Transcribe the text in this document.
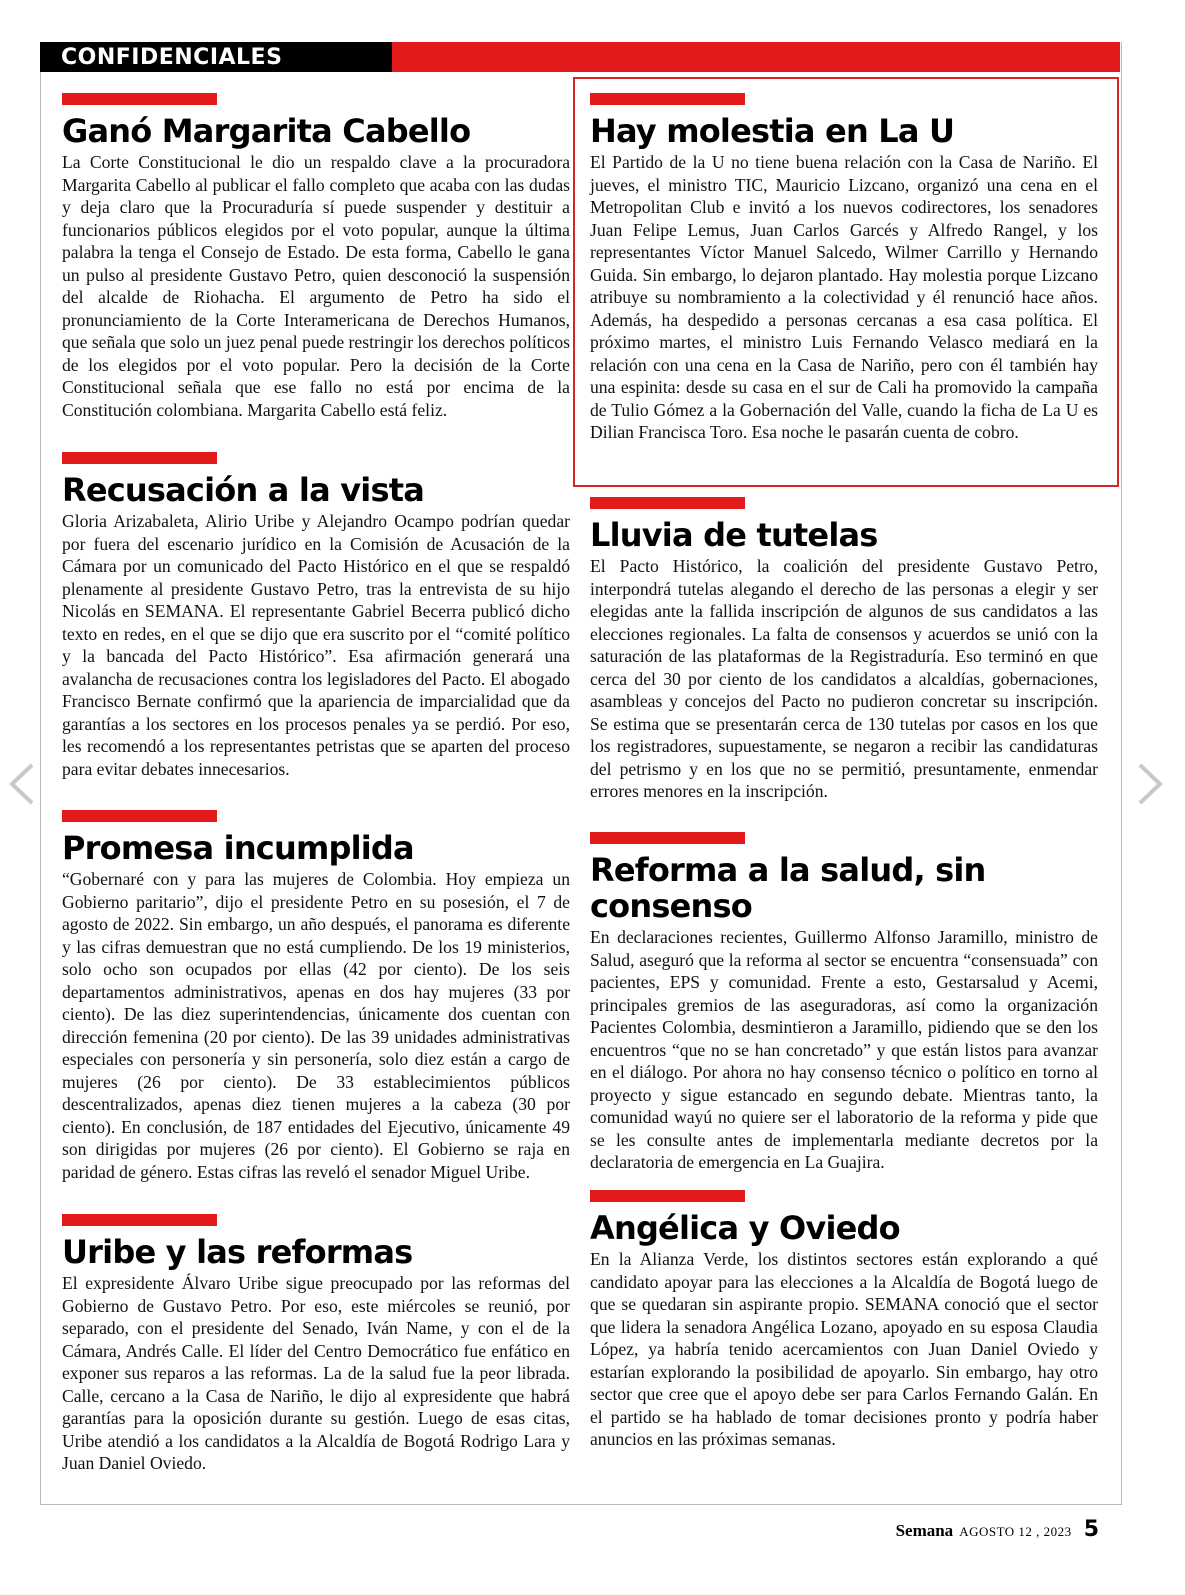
CONFIDENCIALES
Ganó Margarita Cabello

La Corte Constitucional le dio un respaldo clave a la procuradora Margarita Cabello al publicar el fallo completo que acaba con las dudas y deja claro que la Procuraduría sí puede suspender y destituir a funcionarios públicos elegidos por el voto popular, aunque la última palabra la tenga el Consejo de Estado. De esta forma, Cabello le gana un pulso al presidente Gustavo Petro, quien desconoció la suspensión del alcalde de Riohacha. El argumento de Petro ha sido el pronunciamiento de la Corte Interamericana de Derechos Humanos, que señala que solo un juez penal puede restringir los derechos políticos de los elegidos por el voto popular. Pero la decisión de la Corte Constitucional señala que ese fallo no está por encima de la Constitución colombiana. Margarita Cabello está feliz.

Recusación a la vista

Gloria Arizabaleta, Alirio Uribe y Alejandro Ocampo podrían quedar por fuera del escenario jurídico en la Comisión de Acusación de la Cámara por un comunicado del Pacto Histórico en el que se respaldó plenamente al presidente Gustavo Petro, tras la entrevista de su hijo Nicolás en SEMANA. El representante Gabriel Becerra publicó dicho texto en redes, en el que se dijo que era suscrito por el “comité político y la bancada del Pacto Histórico”. Esa afirmación generará una avalancha de recusaciones contra los legisladores del Pacto. El abogado Francisco Bernate confirmó que la apariencia de imparcialidad que da garantías a los sectores en los procesos penales ya se perdió. Por eso, les recomendó a los representantes petristas que se aparten del proceso para evitar debates innecesarios.

Promesa incumplida

“Gobernaré con y para las mujeres de Colombia. Hoy empieza un Gobierno paritario”, dijo el presidente Petro en su posesión, el 7 de agosto de 2022. Sin embargo, un año después, el panorama es diferente y las cifras demuestran que no está cumpliendo. De los 19 ministerios, solo ocho son ocupados por ellas (42 por ciento). De los seis departamentos administrativos, apenas en dos hay mujeres (33 por ciento). De las diez superintendencias, únicamente dos cuentan con dirección femenina (20 por ciento). De las 39 unidades administrativas especiales con personería y sin personería, solo diez están a cargo de mujeres (26 por ciento). De 33 establecimientos públicos descentralizados, apenas diez tienen mujeres a la cabeza (30 por ciento). En conclusión, de 187 entidades del Ejecutivo, únicamente 49 son dirigidas por mujeres (26 por ciento). El Gobierno se raja en paridad de género. Estas cifras las reveló el senador Miguel Uribe.

Uribe y las reformas

El expresidente Álvaro Uribe sigue preocupado por las reformas del Gobierno de Gustavo Petro. Por eso, este miércoles se reunió, por separado, con el presidente del Senado, Iván Name, y con el de la Cámara, Andrés Calle. El líder del Centro Democrático fue enfático en exponer sus reparos a las reformas. La de la salud fue la peor librada. Calle, cercano a la Casa de Nariño, le dijo al expresidente que habrá garantías para la oposición durante su gestión. Luego de esas citas, Uribe atendió a los candidatos a la Alcaldía de Bogotá Rodrigo Lara y Juan Daniel Oviedo.

Hay molestia en La U

El Partido de la U no tiene buena relación con la Casa de Nariño. El jueves, el ministro TIC, Mauricio Lizcano, organizó una cena en el Metropolitan Club e invitó a los nuevos codirectores, los senadores Juan Felipe Lemus, Juan Carlos Garcés y Alfredo Rangel, y los representantes Víctor Manuel Salcedo, Wilmer Carrillo y Hernando Guida. Sin embargo, lo dejaron plantado. Hay molestia porque Lizcano atribuye su nombramiento a la colectividad y él renunció hace años. Además, ha despedido a personas cercanas a esa casa política. El próximo martes, el ministro Luis Fernando Velasco mediará en la relación con una cena en la Casa de Nariño, pero con él también hay una espinita: desde su casa en el sur de Cali ha promovido la campaña de Tulio Gómez a la Gobernación del Valle, cuando la ficha de La U es Dilian Francisca Toro. Esa noche le pasarán cuenta de cobro.

Lluvia de tutelas

El Pacto Histórico, la coalición del presidente Gustavo Petro, interpondrá tutelas alegando el derecho de las personas a elegir y ser elegidas ante la fallida inscripción de algunos de sus candidatos a las elecciones regionales. La falta de consensos y acuerdos se unió con la saturación de las plataformas de la Registraduría. Eso terminó en que cerca del 30 por ciento de los candidatos a alcaldías, gobernaciones, asambleas y concejos del Pacto no pudieron concretar su inscripción. Se estima que se presentarán cerca de 130 tutelas por casos en los que los registradores, supuestamente, se negaron a recibir las candidaturas del petrismo y en los que no se permitió, presuntamente, enmendar errores menores en la inscripción.

Reforma a la salud, sin consenso

En declaraciones recientes, Guillermo Alfonso Jaramillo, ministro de Salud, aseguró que la reforma al sector se encuentra “consensuada” con pacientes, EPS y comunidad. Frente a esto, Gestarsalud y Acemi, principales gremios de las aseguradoras, así como la organización Pacientes Colombia, desmintieron a Jaramillo, pidiendo que se den los encuentros “que no se han concretado” y que están listos para avanzar en el diálogo. Por ahora no hay consenso técnico o político en torno al proyecto y sigue estancado en segundo debate. Mientras tanto, la comunidad wayú no quiere ser el laboratorio de la reforma y pide que se les consulte antes de implementarla mediante decretos por la declaratoria de emergencia en La Guajira.

Angélica y Oviedo

En la Alianza Verde, los distintos sectores están explorando a qué candidato apoyar para las elecciones a la Alcaldía de Bogotá luego de que se quedaran sin aspirante propio. SEMANA conoció que el sector que lidera la senadora Angélica Lozano, apoyado en su esposa Claudia López, ya habría tenido acercamientos con Juan Daniel Oviedo y estarían explorando la posibilidad de apoyarlo. Sin embargo, hay otro sector que cree que el apoyo debe ser para Carlos Fernando Galán. En el partido se ha hablado de tomar decisiones pronto y podría haber anuncios en las próximas semanas.

Semana AGOSTO 12 , 2023 5
